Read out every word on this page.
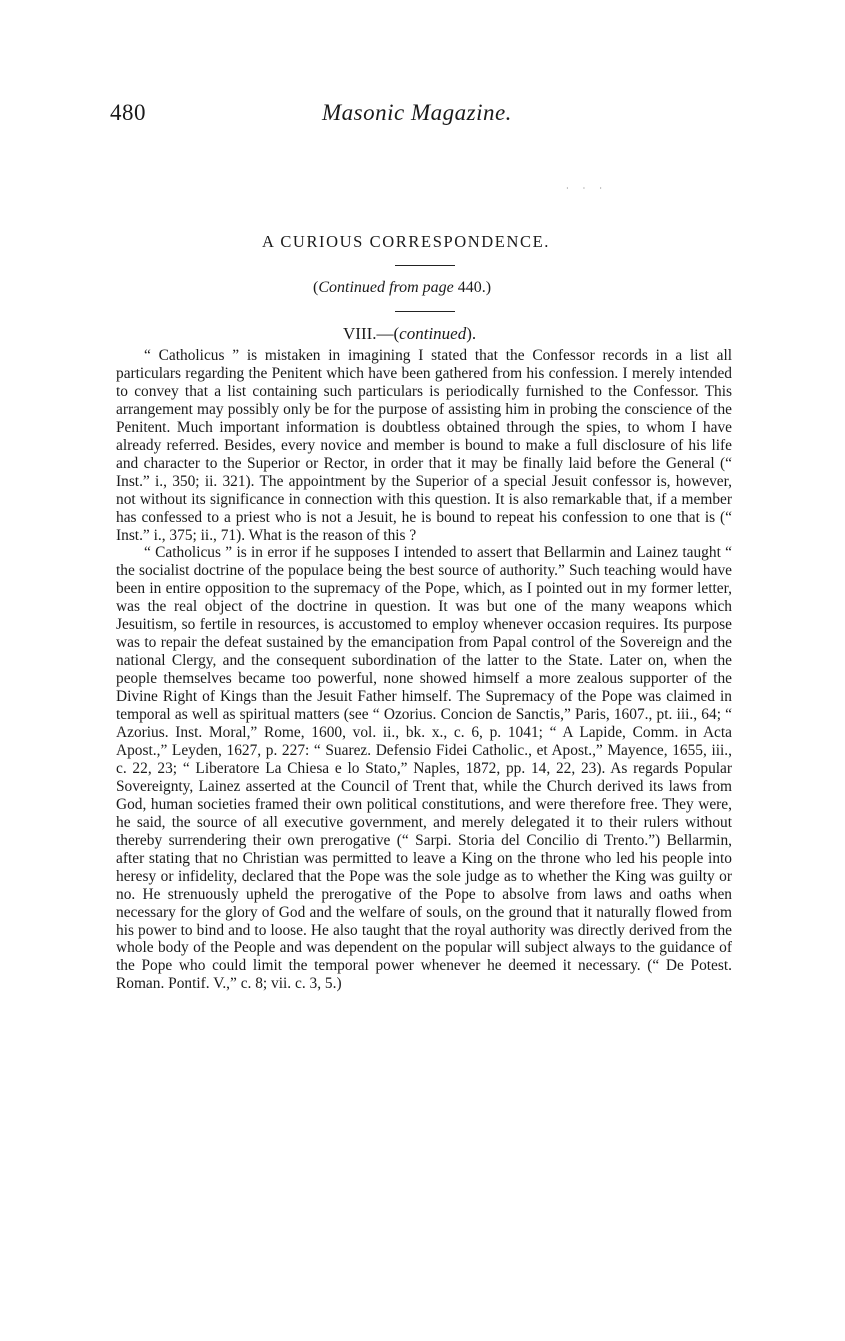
480	Masonic Magazine.
· · ·
A CURIOUS CORRESPONDENCE.
(Continued from page 440.)
VIII.—(continued).

“ Catholicus ” is mistaken in imagining I stated that the Confessor records in a list all particulars regarding the Penitent which have been gathered from his confession. I merely intended to convey that a list containing such particulars is periodically furnished to the Confessor. This arrangement may possibly only be for the purpose of assisting him in probing the conscience of the Penitent. Much important information is doubtless obtained through the spies, to whom I have already referred. Besides, every novice and member is bound to make a full disclosure of his life and character to the Superior or Rector, in order that it may be finally laid before the General (“ Inst.” i., 350; ii. 321). The appointment by the Superior of a special Jesuit confessor is, however, not without its significance in connection with this question. It is also remarkable that, if a member has confessed to a priest who is not a Jesuit, he is bound to repeat his confession to one that is (“ Inst.” i., 375; ii., 71). What is the reason of this ?

“ Catholicus ” is in error if he supposes I intended to assert that Bellarmin and Lainez taught “ the socialist doctrine of the populace being the best source of authority.” Such teaching would have been in entire opposition to the supremacy of the Pope, which, as I pointed out in my former letter, was the real object of the doctrine in question. It was but one of the many weapons which Jesuitism, so fertile in resources, is accustomed to employ whenever occasion requires. Its purpose was to repair the defeat sustained by the emancipation from Papal control of the Sovereign and the national Clergy, and the consequent subordination of the latter to the State. Later on, when the people themselves became too powerful, none showed himself a more zealous supporter of the Divine Right of Kings than the Jesuit Father himself. The Supremacy of the Pope was claimed in temporal as well as spiritual matters (see “ Ozorius. Concion de Sanctis,” Paris, 1607., pt. iii., 64; “ Azorius. Inst. Moral,” Rome, 1600, vol. ii., bk. x., c. 6, p. 1041; “ A Lapide, Comm. in Acta Apost.,” Leyden, 1627, p. 227: “ Suarez. Defensio Fidei Catholic., et Apost.,” Mayence, 1655, iii., c. 22, 23; “ Liberatore La Chiesa e lo Stato,” Naples, 1872, pp. 14, 22, 23). As regards Popular Sovereignty, Lainez asserted at the Council of Trent that, while the Church derived its laws from God, human societies framed their own political constitutions, and were therefore free. They were, he said, the source of all executive government, and merely delegated it to their rulers without thereby surrendering their own prerogative (“ Sarpi. Storia del Concilio di Trento.”) Bellarmin, after stating that no Christian was permitted to leave a King on the throne who led his people into heresy or infidelity, declared that the Pope was the sole judge as to whether the King was guilty or no. He strenuously upheld the prerogative of the Pope to absolve from laws and oaths when necessary for the glory of God and the welfare of souls, on the ground that it naturally flowed from his power to bind and to loose. He also taught that the royal authority was directly derived from the whole body of the People and was dependent on the popular will subject always to the guidance of the Pope who could limit the temporal power whenever he deemed it necessary. (“ De Potest. Roman. Pontif. V.,” c. 8; vii. c. 3, 5.)
